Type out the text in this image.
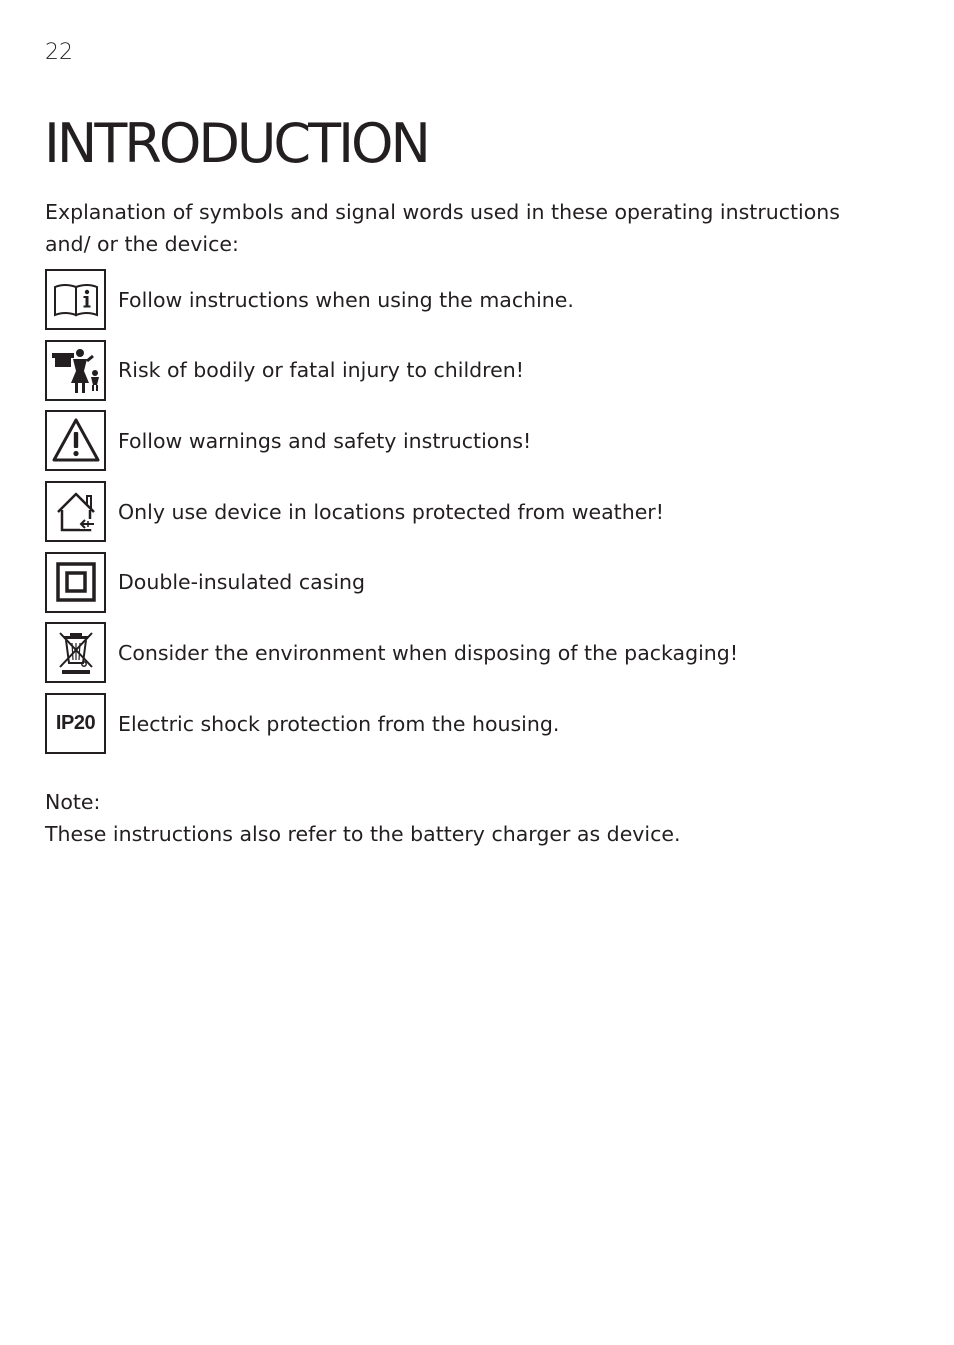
22
INTRODUCTION

Explanation of symbols and signal words used in these operating instructions and/ or the device:

Follow instructions when using the machine.
Risk of bodily or fatal injury to children!
Follow warnings and safety instructions!
Only use device in locations protected from weather!
Double-insulated casing
Consider the environment when disposing of the packaging!
IP20 Electric shock protection from the housing.

Note:

These instructions also refer to the battery charger as device.
